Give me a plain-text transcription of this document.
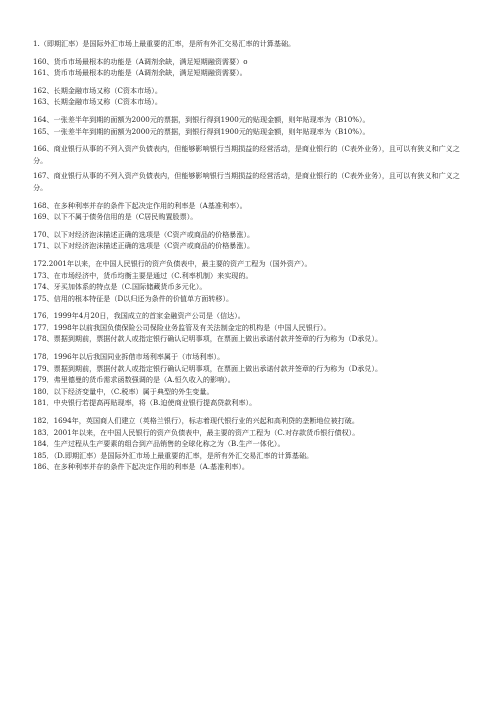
1.（即期汇率）是国际外汇市场上最重要的汇率，是所有外汇交易汇率的计算基础。
160、货币市场最根本的功能是（A调剂余缺，满足短期融资需要）o
161、货币市场最根本的功能是（A调剂余缺，满足短期融资需要）。
162、长期金融市场又称（C资本市场）。
163、长期金融市场又称（C资本市场）。
164、一张差半年到期的面额为2000元的票据，到银行得到1900元的贴现金额，则年贴现率为（B10%）。
165、一张差半年到期的面额为2000元的票据，到银行得到1900元的贴现金额，则年贴现率为（B10%）。
166、商业银行从事的不列入资产负债表内，但能够影响银行当期损益的经营活动，是商业银行的（C表外业务），且可以有狭义和广义之分。
167、商业银行从事的不列入资产负债表内，但能够影响银行当期损益的经营活动，是商业银行的（C表外业务），且可以有狭义和广义之分。
168、在多种利率并存的条件下起决定作用的利率是（A基准利率）。
169、以下不属于债务信用的是（C居民购置股票）。
170、以下对经济泡沫描述正确的选项是（C资产或商品的价格暴涨）。
171、以下对经济泡沫描述正确的选项是（C资产或商品的价格暴涨）。
172.2001年以来，在中国人民银行的资产负债表中，最主要的资产工程为（国外资产）。
173、在市场经济中，货币均衡主要是通过（C.利率机制）来实现的。
174、牙买加体系的特点是（C.国际储藏货币多元化）。
175、信用的根本特征是（D以归还为条件的价值单方面转移）。
176．1999年4月20日，我国成立的首家金融资产公司是（信达）。
177．1998年以前我国负债保险公司保险业务监管及有关法制金定的机构是（中国人民银行）。
178、票据到期前，票据付款人或指定银行确认记明事项，在票面上做出承诺付款并签章的行为称为（D承兑）。
178．1996年以后我国同业拆借市场利率属于（市场利率）。
179、票据到期前，票据付款人或指定银行确认记明事项，在票面上做出承诺付款并签章的行为称为（D承兑）。
179．弗里德曼的货币需求函数强调的是（A.恒久收入的影响）。
180．以下经济变量中，（C.税率）属于典型的外生变量。
181．中央银行若提高再贴现率，将（B.迫使商业银行提高贷款利率）。
182．1694年，英国商人们建立（英格兰银行），标志着现代银行业的兴起和高利贷的垄断地位被打破。
183．2001年以来，在中国人民银行的资产负债表中，最主要的资产工程为（C.对存款货币银行债权）。
184．生产过程从生产要素的组合到产品销售的全球化称之为（B.生产一体化）。
185．（D.即期汇率）是国际外汇市场上最重要的汇率，是所有外汇交易汇率的计算基础。
186、在多种利率并存的条件下起决定作用的利率是（A.基准利率）。
